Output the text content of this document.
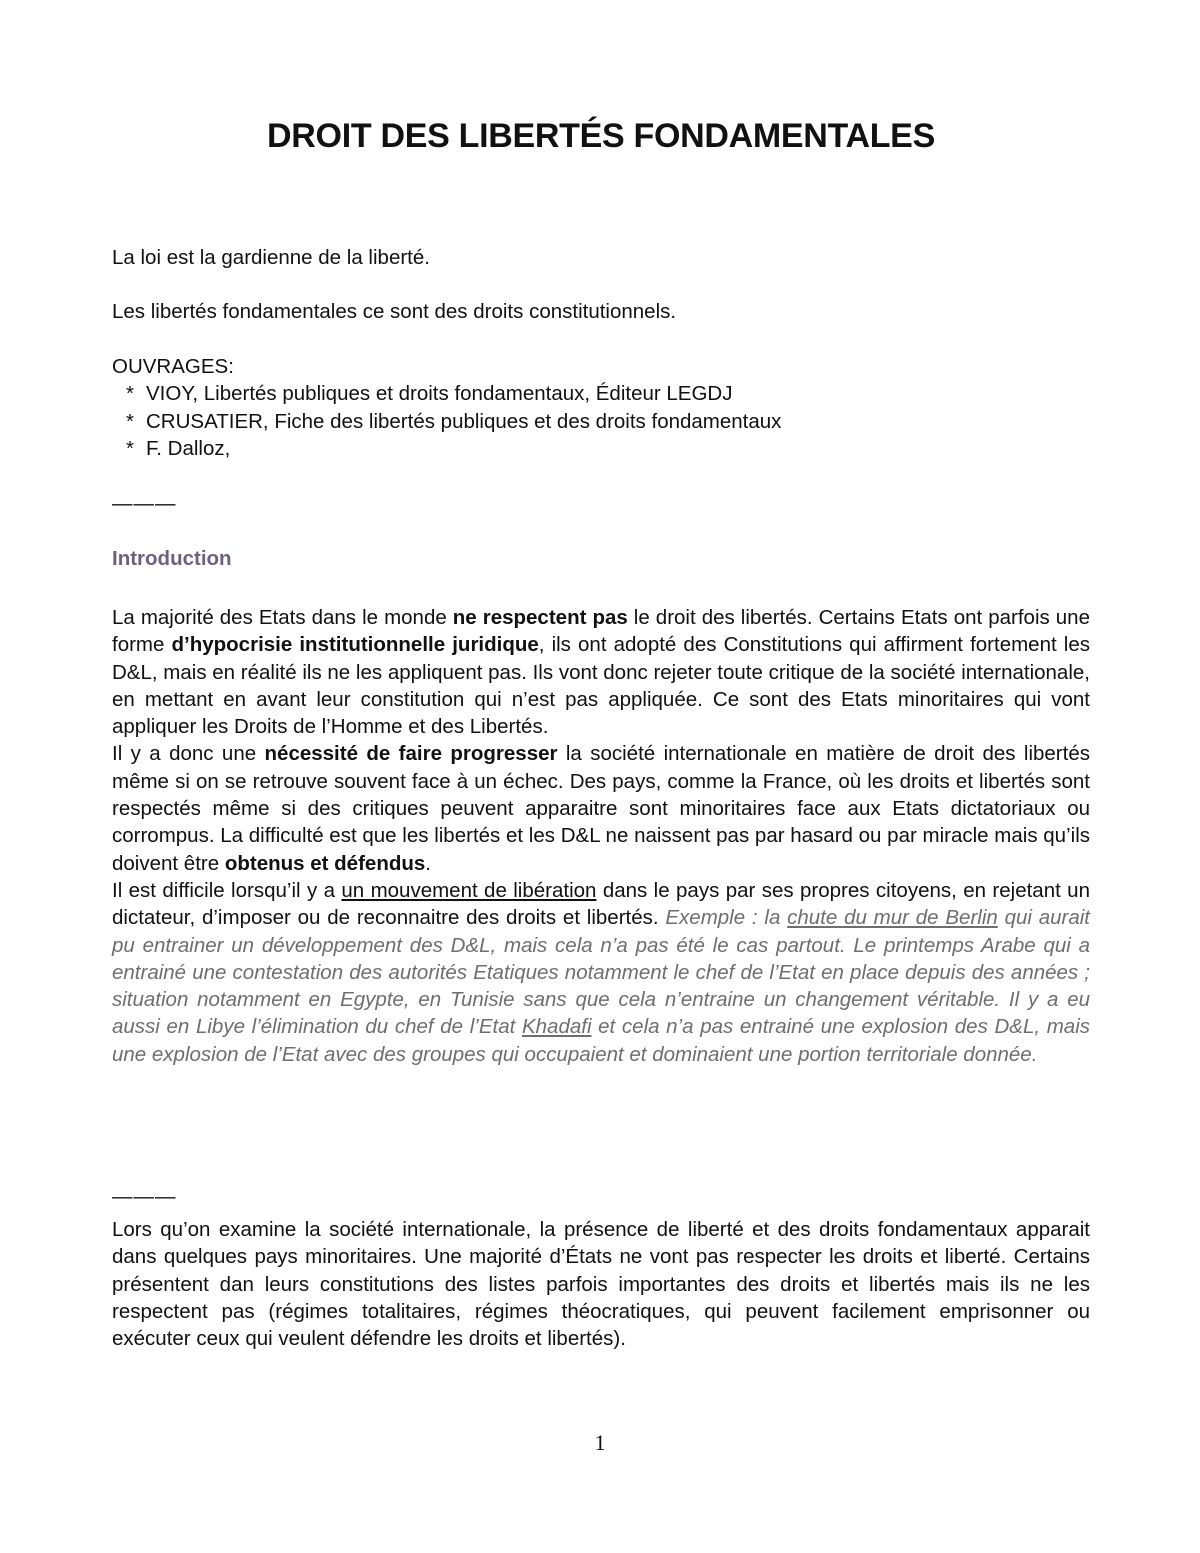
DROIT DES LIBERTÉS FONDAMENTALES

La loi est la gardienne de la liberté.

Les libertés fondamentales ce sont des droits constitutionnels.

OUVRAGES:

* VIOY, Libertés publiques et droits fondamentaux, Éditeur LEGDJ
* CRUSATIER, Fiche des libertés publiques et des droits fondamentaux
* F. Dalloz,
———
Introduction

La majorité des Etats dans le monde ne respectent pas le droit des libertés. Certains Etats ont parfois une forme d’hypocrisie institutionnelle juridique, ils ont adopté des Constitutions qui affirment fortement les D&L, mais en réalité ils ne les appliquent pas. Ils vont donc rejeter toute critique de la société internationale, en mettant en avant leur constitution qui n’est pas appliquée. Ce sont des Etats minoritaires qui vont appliquer les Droits de l’Homme et des Libertés.

Il y a donc une nécessité de faire progresser la société internationale en matière de droit des libertés même si on se retrouve souvent face à un échec. Des pays, comme la France, où les droits et libertés sont respectés même si des critiques peuvent apparaitre sont minoritaires face aux Etats dictatoriaux ou corrompus. La difficulté est que les libertés et les D&L ne naissent pas par hasard ou par miracle mais qu’ils doivent être obtenus et défendus.

Il est difficile lorsqu’il y a un mouvement de libération dans le pays par ses propres citoyens, en rejetant un dictateur, d’imposer ou de reconnaitre des droits et libertés. Exemple : la chute du mur de Berlin qui aurait pu entrainer un développement des D&L, mais cela n’a pas été le cas partout. Le printemps Arabe qui a entrainé une contestation des autorités Etatiques notamment le chef de l’Etat en place depuis des années ; situation notamment en Egypte, en Tunisie sans que cela n’entraine un changement véritable. Il y a eu aussi en Libye l’élimination du chef de l’Etat Khadafi et cela n’a pas entrainé une explosion des D&L, mais une explosion de l’Etat avec des groupes qui occupaient et dominaient une portion territoriale donnée.

———

Lors qu’on examine la société internationale, la présence de liberté et des droits fondamentaux apparait dans quelques pays minoritaires. Une majorité d’États ne vont pas respecter les droits et liberté. Certains présentent dan leurs constitutions des listes parfois importantes des droits et libertés mais ils ne les respectent pas (régimes totalitaires, régimes théocratiques, qui peuvent facilement emprisonner ou exécuter ceux qui veulent défendre les droits et libertés).

1
